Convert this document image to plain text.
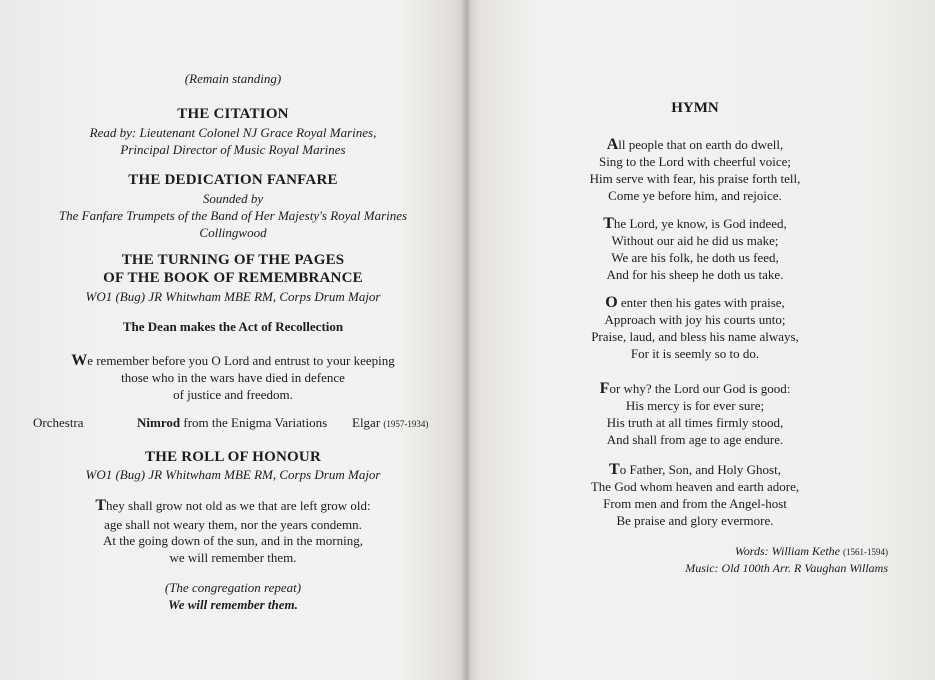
(Remain standing)
THE CITATION
Read by: Lieutenant Colonel NJ Grace Royal Marines,
Principal Director of Music Royal Marines
THE DEDICATION FANFARE
Sounded by
The Fanfare Trumpets of the Band of Her Majesty's Royal Marines
Collingwood
THE TURNING OF THE PAGES
OF THE BOOK OF REMEMBRANCE
WO1 (Bug) JR Whitwham MBE RM, Corps Drum Major
The Dean makes the Act of Recollection
We remember before you O Lord and entrust to your keeping
those who in the wars have died in defence
of justice and freedom.
Orchestra	Nimrod from the Enigma Variations Elgar (1957-1934)
THE ROLL OF HONOUR
WO1 (Bug) JR Whitwham MBE RM, Corps Drum Major
They shall grow not old as we that are left grow old:
age shall not weary them, nor the years condemn.
At the going down of the sun, and in the morning,
we will remember them.
(The congregation repeat)
We will remember them.
HYMN
All people that on earth do dwell,
Sing to the Lord with cheerful voice;
Him serve with fear, his praise forth tell,
Come ye before him, and rejoice.
The Lord, ye know, is God indeed,
Without our aid he did us make;
We are his folk, he doth us feed,
And for his sheep he doth us take.
O enter then his gates with praise,
Approach with joy his courts unto;
Praise, laud, and bless his name always,
For it is seemly so to do.
For why? the Lord our God is good:
His mercy is for ever sure;
His truth at all times firmly stood,
And shall from age to age endure.
To Father, Son, and Holy Ghost,
The God whom heaven and earth adore,
From men and from the Angel-host
Be praise and glory evermore.
Words: William Kethe (1561-1594)
Music: Old 100th Arr. R Vaughan Willams
